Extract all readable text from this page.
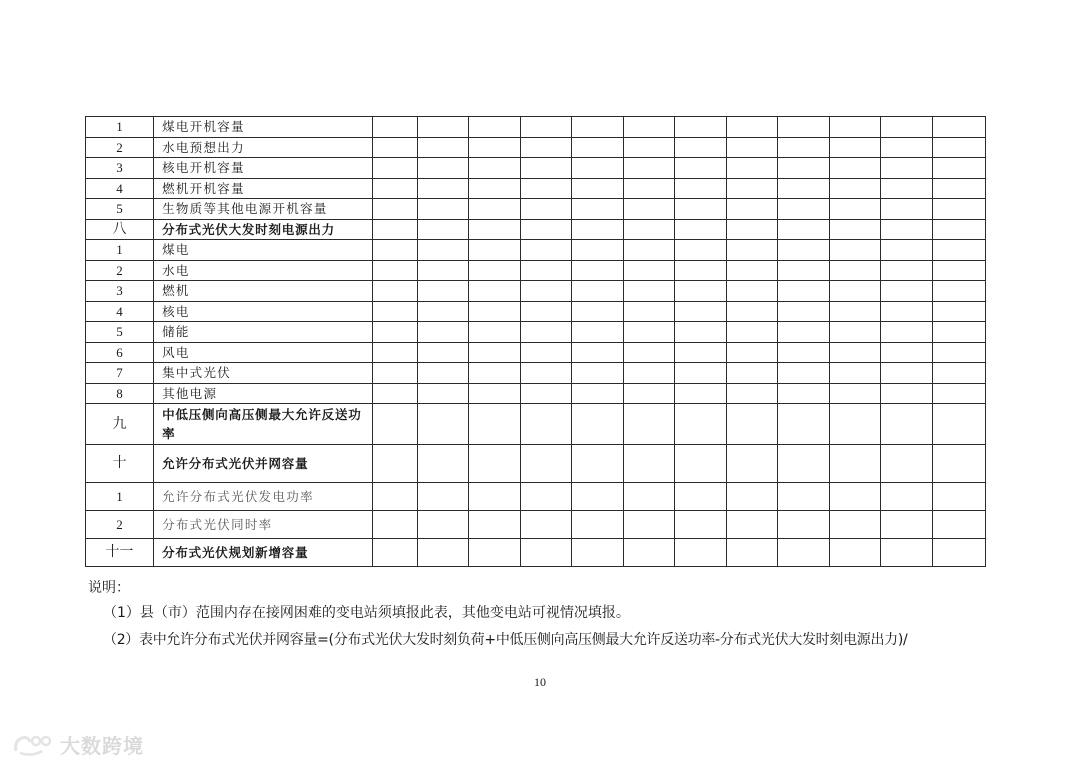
1	煤电开机容量												
2	水电预想出力												
3	核电开机容量												
4	燃机开机容量												
5	生物质等其他电源开机容量												
八	分布式光伏大发时刻电源出力												
1	煤电												
2	水电												
3	燃机												
4	核电												
5	储能												
6	风电												
7	集中式光伏												
8	其他电源												
九	中低压侧向高压侧最大允许反送功率												
十	允许分布式光伏并网容量												
1	允许分布式光伏发电功率												
2	分布式光伏同时率												
十一	分布式光伏规划新增容量												
说明：
（1）县（市）范围内存在接网困难的变电站须填报此表，其他变电站可视情况填报。
（2）表中允许分布式光伏并网容量=(分布式光伏大发时刻负荷+中低压侧向高压侧最大允许反送功率-分布式光伏大发时刻电源出力)/
10
大数跨境
